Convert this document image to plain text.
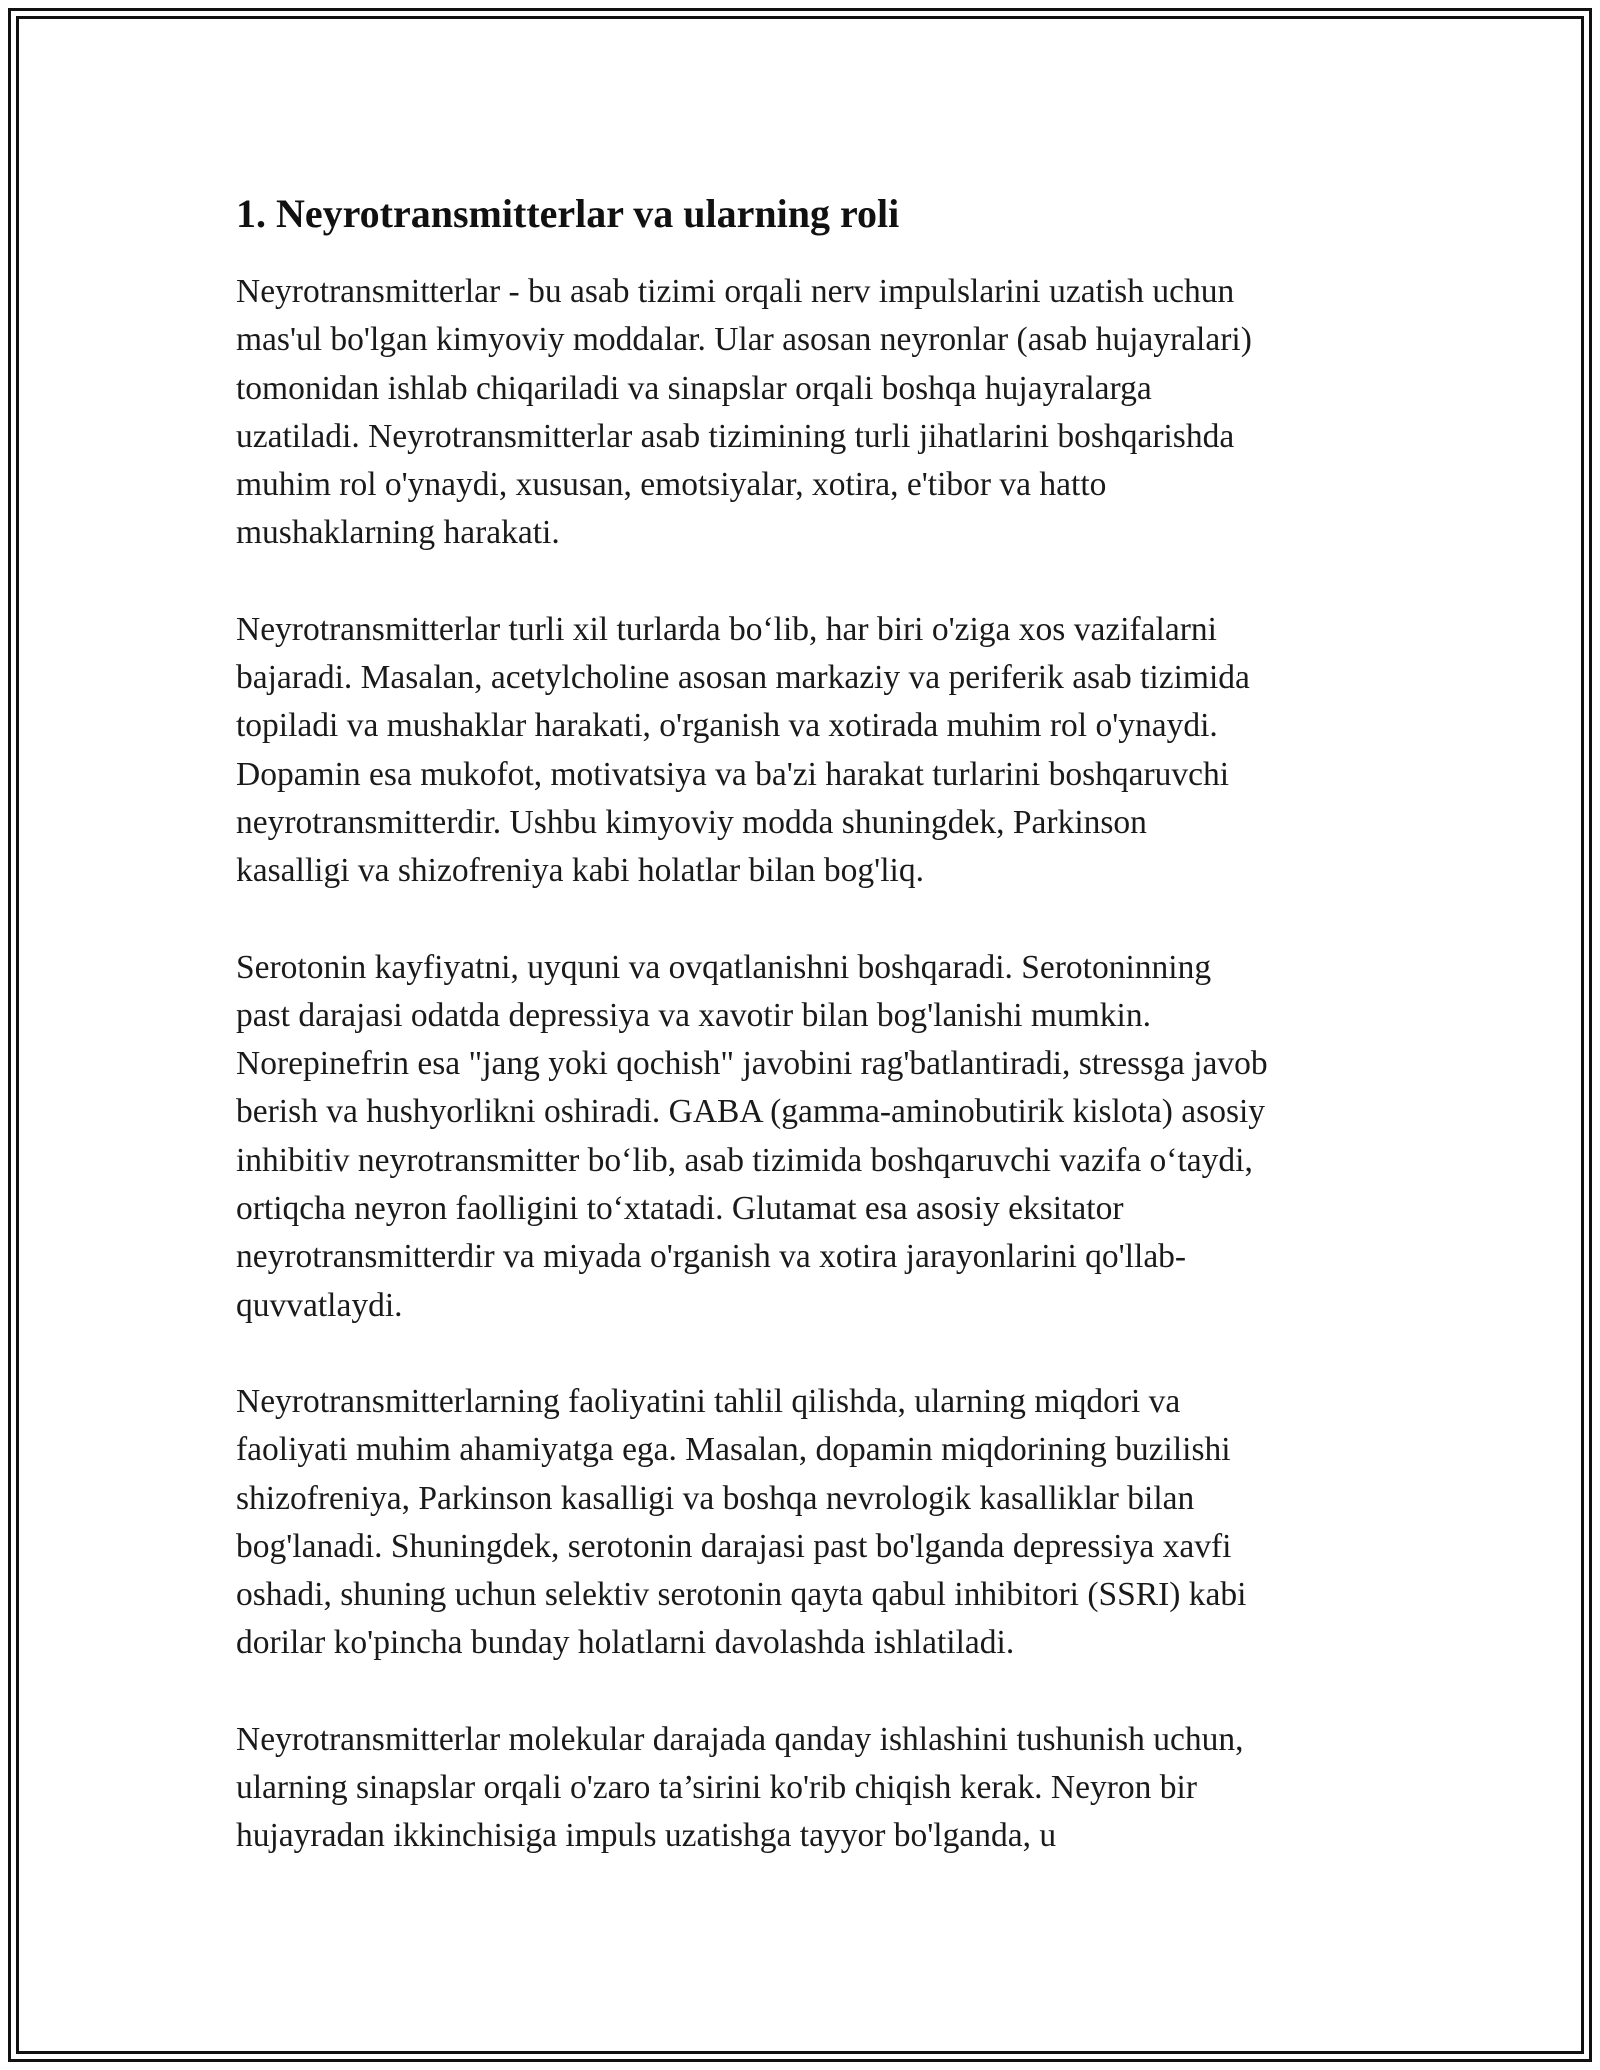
1. Neyrotransmitterlar va ularning roli

Neyrotransmitterlar - bu asab tizimi orqali nerv impulslarini uzatish uchun
mas'ul bo'lgan kimyoviy moddalar. Ular asosan neyronlar (asab hujayralari)
tomonidan ishlab chiqariladi va sinapslar orqali boshqa hujayralarga
uzatiladi. Neyrotransmitterlar asab tizimining turli jihatlarini boshqarishda
muhim rol o'ynaydi, xususan, emotsiyalar, xotira, e'tibor va hatto
mushaklarning harakati.

Neyrotransmitterlar turli xil turlarda bo‘lib, har biri o'ziga xos vazifalarni
bajaradi. Masalan, acetylcholine asosan markaziy va periferik asab tizimida
topiladi va mushaklar harakati, o'rganish va xotirada muhim rol o'ynaydi.
Dopamin esa mukofot, motivatsiya va ba'zi harakat turlarini boshqaruvchi
neyrotransmitterdir. Ushbu kimyoviy modda shuningdek, Parkinson
kasalligi va shizofreniya kabi holatlar bilan bog'liq.

Serotonin kayfiyatni, uyquni va ovqatlanishni boshqaradi. Serotoninning
past darajasi odatda depressiya va xavotir bilan bog'lanishi mumkin.
Norepinefrin esa "jang yoki qochish" javobini rag'batlantiradi, stressga javob
berish va hushyorlikni oshiradi. GABA (gamma-aminobutirik kislota) asosiy
inhibitiv neyrotransmitter bo‘lib, asab tizimida boshqaruvchi vazifa o‘taydi,
ortiqcha neyron faolligini to‘xtatadi. Glutamat esa asosiy eksitator
neyrotransmitterdir va miyada o'rganish va xotira jarayonlarini qo'llab-
quvvatlaydi.

Neyrotransmitterlarning faoliyatini tahlil qilishda, ularning miqdori va
faoliyati muhim ahamiyatga ega. Masalan, dopamin miqdorining buzilishi
shizofreniya, Parkinson kasalligi va boshqa nevrologik kasalliklar bilan
bog'lanadi. Shuningdek, serotonin darajasi past bo'lganda depressiya xavfi
oshadi, shuning uchun selektiv serotonin qayta qabul inhibitori (SSRI) kabi
dorilar ko'pincha bunday holatlarni davolashda ishlatiladi.

Neyrotransmitterlar molekular darajada qanday ishlashini tushunish uchun,
ularning sinapslar orqali o'zaro ta’sirini ko'rib chiqish kerak. Neyron bir
hujayradan ikkinchisiga impuls uzatishga tayyor bo'lganda, u
